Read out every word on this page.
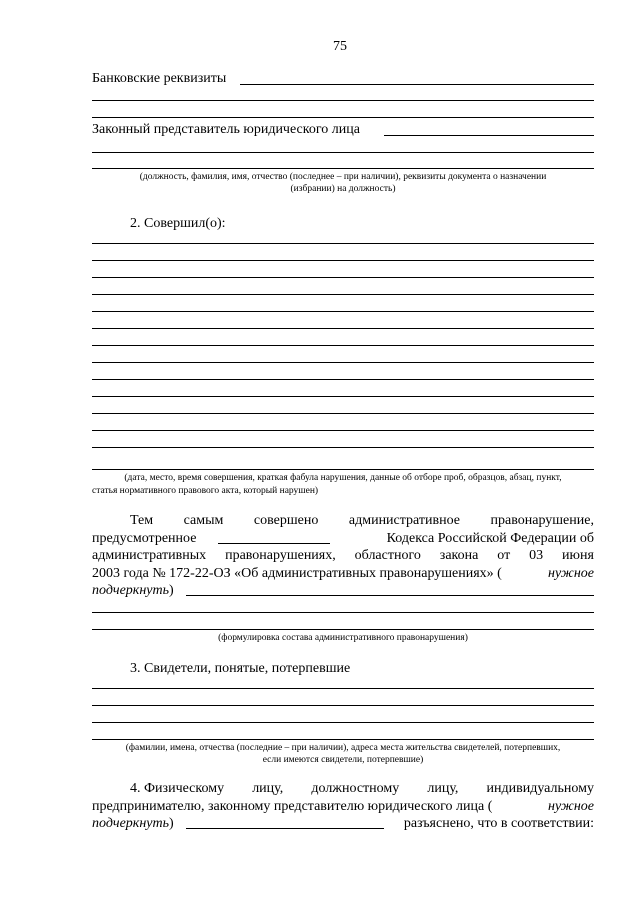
75
Банковские реквизиты
Законный представитель юридического лица
(должность, фамилия, имя, отчество (последнее – при наличии), реквизиты документа о назначении
(избрании) на должность)
2. Совершил(о):
(дата, место, время совершения, краткая фабула нарушения, данные об отборе проб, образцов, абзац, пункт,
статья нормативного правового акта, который нарушен)
Тем самым совершено административное правонарушение,
предусмотренное	Кодекса Российской Федерации об
административных правонарушениях, областного закона от 03 июня
2003 года № 172-22-ОЗ «Об административных правонарушениях» (	нужное
подчеркнуть)
(формулировка состава административного правонарушения)
3. Свидетели, понятые, потерпевшие
(фамилии, имена, отчества (последние – при наличии), адреса места жительства свидетелей, потерпевших,
если имеются свидетели, потерпевшие)
4. Физическому лицу, должностному лицу, индивидуальному
предпринимателю, законному представителю юридического лица (	нужное
подчеркнуть)	разъяснено, что в соответствии:
